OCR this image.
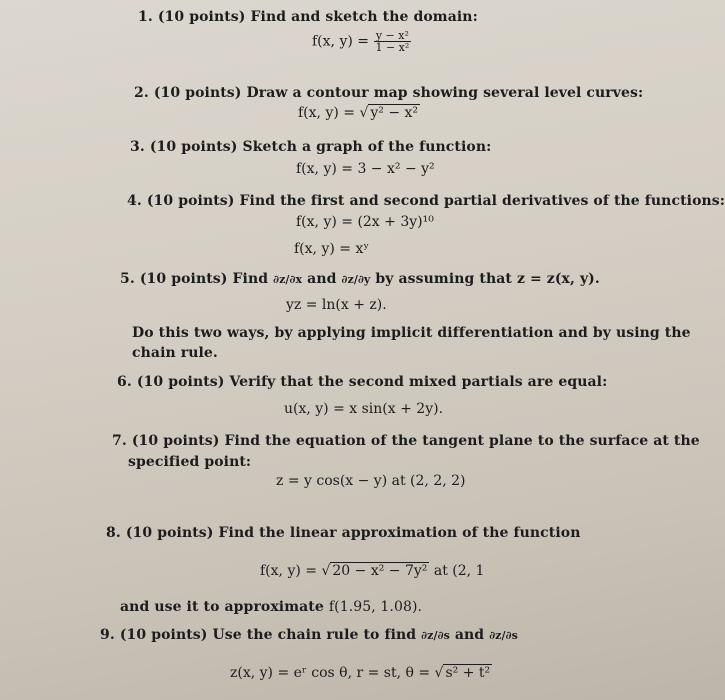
1. (10 points) Find and sketch the domain:
f(x, $y) = \frac{\text{y − x²}}{\text{1 − x²}}$
2. (10 points) Draw a contour map showing several level curves:
f(x, y) = √ y² − x²
3. (10 points) Sketch a graph of the function:
f(x, y) = 3 − x² − y²
4. (10 points) Find the first and second partial derivatives of the functions:
f(x, y) = (2x + 3y)¹⁰
f(x, y) = xʸ
5. (10 points) Find ∂z/∂x and ∂z/∂y by assuming that z = z(x, y).
yz = ln(x + z).
Do this two ways, by applying implicit differentiation and by using the
chain rule.
6. (10 points) Verify that the second mixed partials are equal:
u(x, y) = x sin(x + 2y).
7. (10 points) Find the equation of the tangent plane to the surface at the
specified point:
z = y cos(x − y) at (2, 2, 2)
8. (10 points) Find the linear approximation of the function
f(x, y) = √ 20 − x² − 7y² at (2, 1
and use it to approximate f(1.95, 1.08).
9. (10 points) Use the chain rule to find ∂z/∂s and ∂z/∂s
z(x, y) = eʳ cos θ, r = st, θ = √ s² + t²
